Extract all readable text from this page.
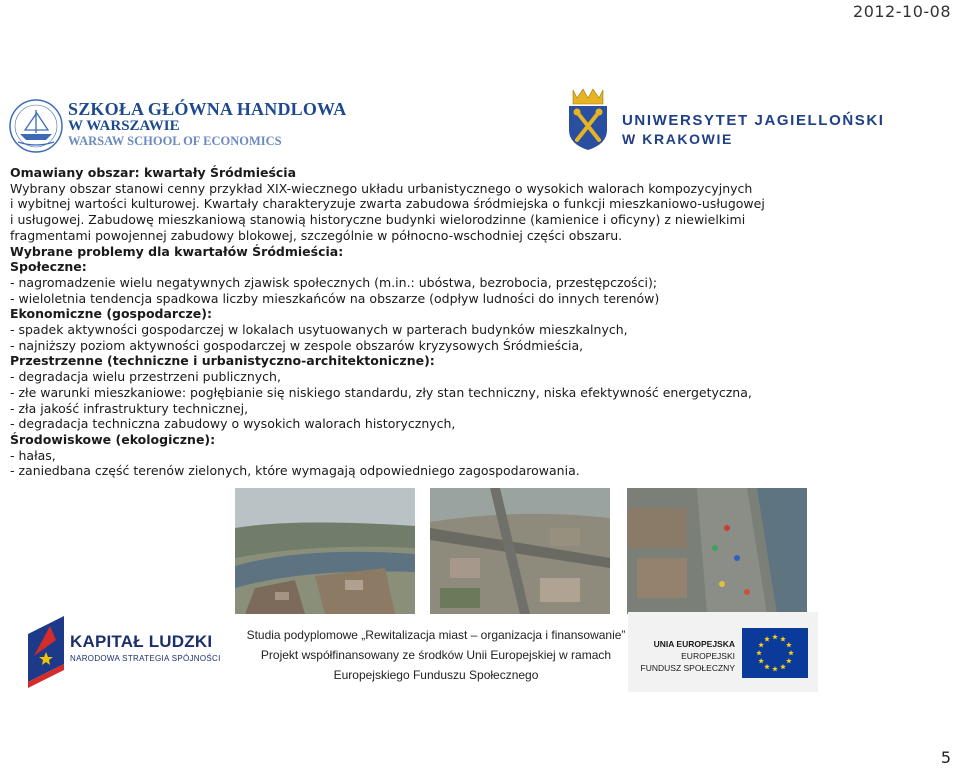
2012-10-08
SZKOŁA GŁÓWNA HANDLOWA
W WARSZAWIE
WARSAW SCHOOL OF ECONOMICS
UNIWERSYTET JAGIELLOŃSKI
W KRAKOWIE

Omawiany obszar: kwartały Śródmieścia

Wybrany obszar stanowi cenny przykład XIX-wiecznego układu urbanistycznego o wysokich walorach kompozycyjnych

i wybitnej wartości kulturowej. Kwartały charakteryzuje zwarta zabudowa śródmiejska o funkcji mieszkaniowo-usługowej

i usługowej. Zabudowę mieszkaniową stanowią historyczne budynki wielorodzinne (kamienice i oficyny) z niewielkimi

fragmentami powojennej zabudowy blokowej, szczególnie w północno-wschodniej części obszaru.

Wybrane problemy dla kwartałów Śródmieścia:

Społeczne:

- nagromadzenie wielu negatywnych zjawisk społecznych (m.in.: ubóstwa, bezrobocia, przestępczości);

- wieloletnia tendencja spadkowa liczby mieszkańców na obszarze (odpływ ludności do innych terenów)

Ekonomiczne (gospodarcze):

- spadek aktywności gospodarczej w lokalach usytuowanych w parterach budynków mieszkalnych,

- najniższy poziom aktywności gospodarczej w zespole obszarów kryzysowych Śródmieścia,

Przestrzenne (techniczne i urbanistyczno-architektoniczne):

- degradacja wielu przestrzeni publicznych,

- złe warunki mieszkaniowe: pogłębianie się niskiego standardu, zły stan techniczny, niska efektywność energetyczna,

- zła jakość infrastruktury technicznej,

- degradacja techniczna zabudowy o wysokich walorach historycznych,

Środowiskowe (ekologiczne):

- hałas,

- zaniedbana część terenów zielonych, które wymagają odpowiedniego zagospodarowania.

KAPITAŁ LUDZKI
NARODOWA STRATEGIA SPÓJNOŚCI
Studia podyplomowe „Rewitalizacja miast – organizacja i finansowanie”
Projekt współfinansowany ze środków Unii Europejskiej w ramach
Europejskiego Funduszu Społecznego
UNIA EUROPEJSKA
EUROPEJSKI
FUNDUSZ SPOŁECZNY
5
